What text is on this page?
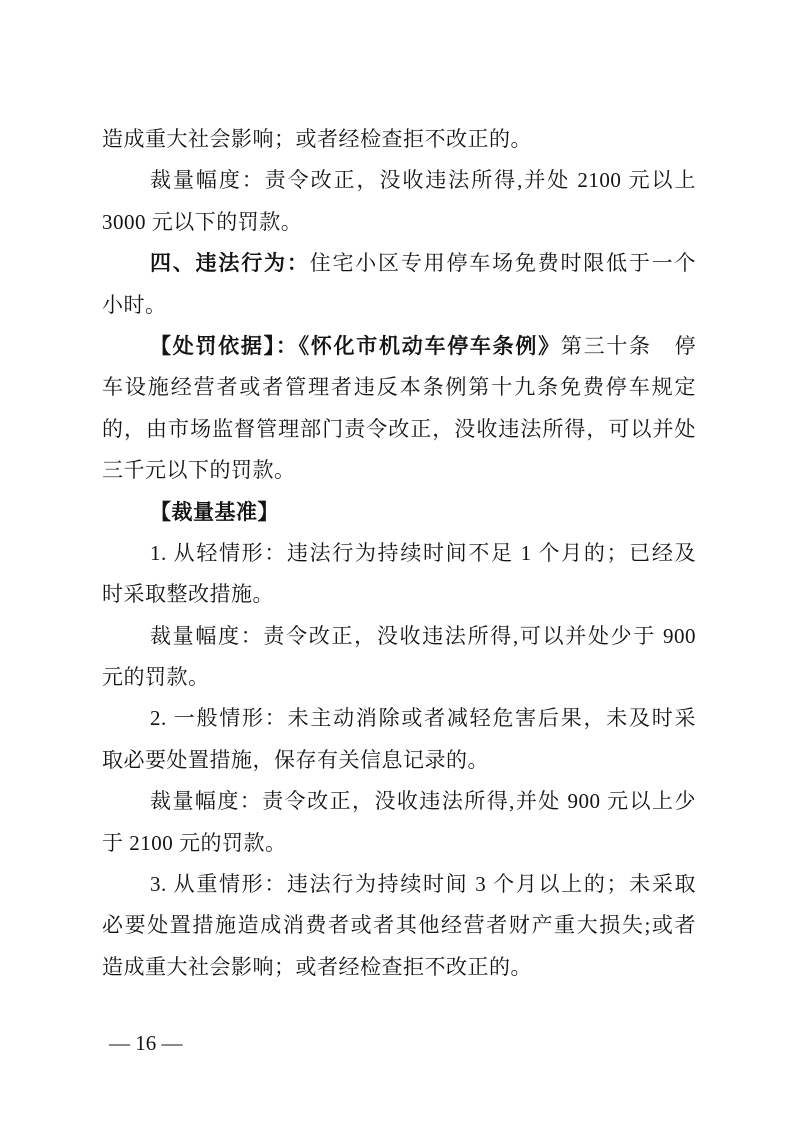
造成重大社会影响；或者经检查拒不改正的。
裁量幅度：责令改正，没收违法所得,并处 2100 元以上
3000 元以下的罚款。
四、违法行为：住宅小区专用停车场免费时限低于一个
小时。
【处罚依据】：《怀化市机动车停车条例》第三十条　停
车设施经营者或者管理者违反本条例第十九条免费停车规定
的，由市场监督管理部门责令改正，没收违法所得，可以并处
三千元以下的罚款。
【裁量基准】
1. 从轻情形：违法行为持续时间不足 1 个月的；已经及
时采取整改措施。
裁量幅度：责令改正，没收违法所得,可以并处少于 900
元的罚款。
2. 一般情形：未主动消除或者减轻危害后果，未及时采
取必要处置措施，保存有关信息记录的。
裁量幅度：责令改正，没收违法所得,并处 900 元以上少
于 2100 元的罚款。
3. 从重情形：违法行为持续时间 3 个月以上的；未采取
必要处置措施造成消费者或者其他经营者财产重大损失;或者
造成重大社会影响；或者经检查拒不改正的。
— 16 —
